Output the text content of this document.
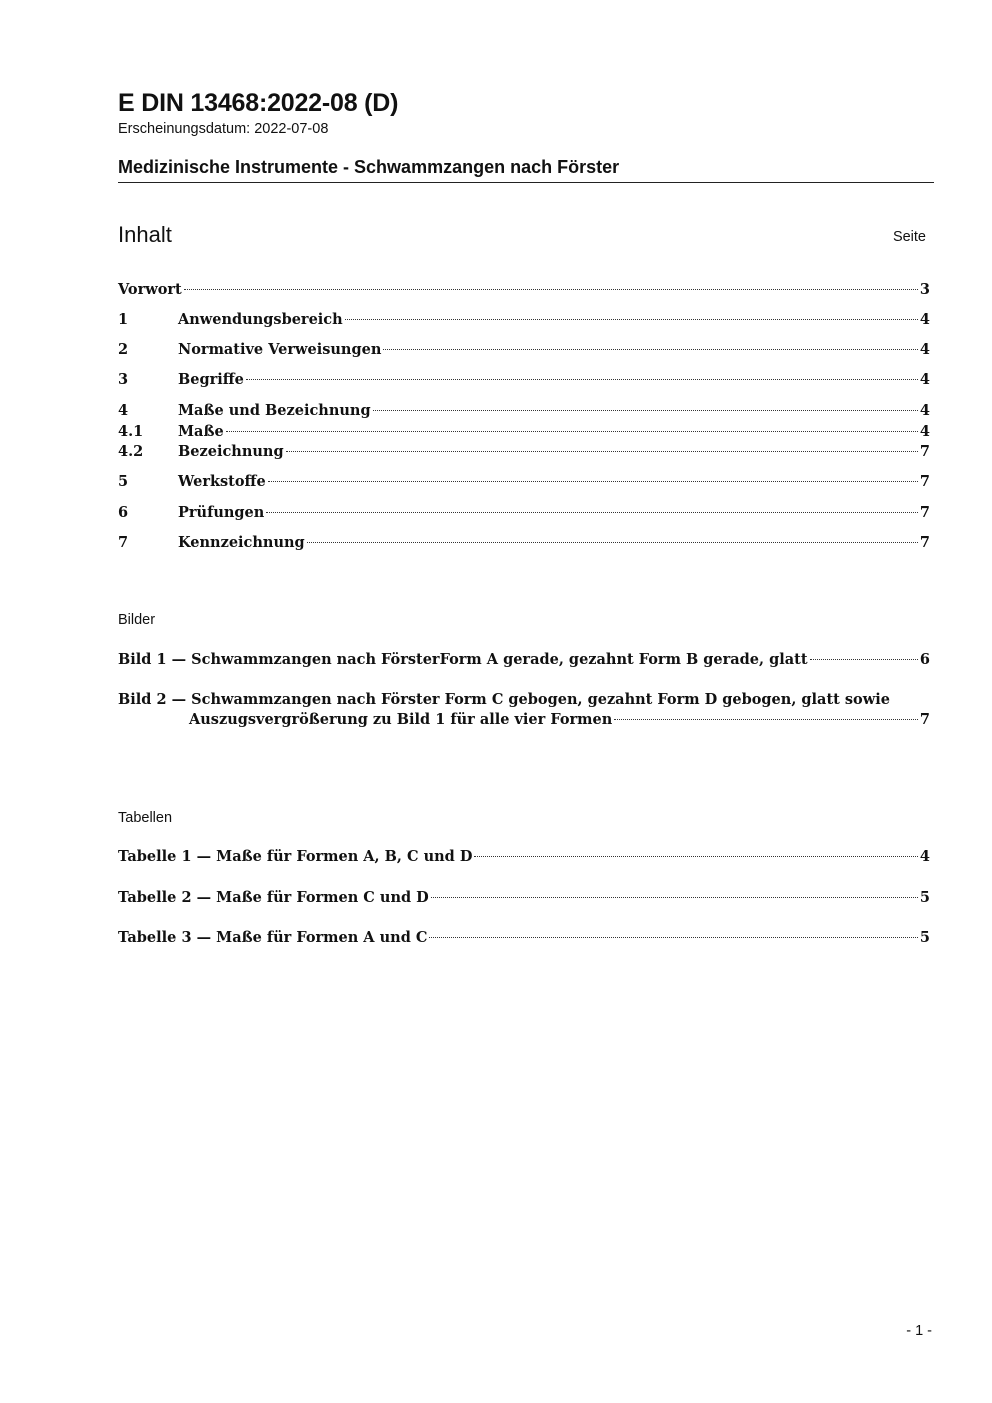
E DIN 13468:2022-08 (D)
Erscheinungsdatum: 2022-07-08
Medizinische Instrumente - Schwammzangen nach Förster
Inhalt	Seite
Vorwort	3
1	Anwendungsbereich	4
2	Normative Verweisungen	4
3	Begriffe	4
4	Maße und Bezeichnung	4
4.1	Maße	4
4.2	Bezeichnung	7
5	Werkstoffe	7
6	Prüfungen	7
7	Kennzeichnung	7
Bilder
Bild 1 — Schwammzangen nach FörsterForm A gerade, gezahnt Form B gerade, glatt	6
Bild 2 — Schwammzangen nach Förster Form C gebogen, gezahnt Form D gebogen, glatt sowie
Auszugsvergrößerung zu Bild 1 für alle vier Formen	7
Tabellen
Tabelle 1 — Maße für Formen A, B, C und D	4
Tabelle 2 — Maße für Formen C und D	5
Tabelle 3 — Maße für Formen A und C	5
- 1 -
